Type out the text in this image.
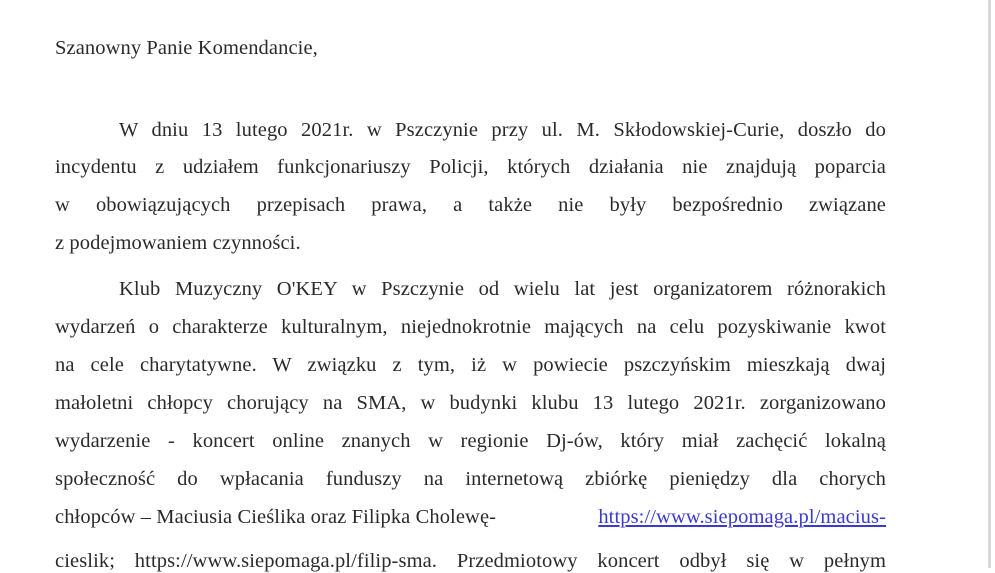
Szanowny Panie Komendancie,
W dniu 13 lutego 2021r. w Pszczynie przy ul. M. Skłodowskiej-Curie, doszło do
incydentu z udziałem funkcjonariuszy Policji, których działania nie znajdują poparcia
w obowiązujących przepisach prawa, a także nie były bezpośrednio związane
z podejmowaniem czynności.
Klub Muzyczny O'KEY w Pszczynie od wielu lat jest organizatorem różnorakich
wydarzeń o charakterze kulturalnym, niejednokrotnie mających na celu pozyskiwanie kwot
na cele charytatywne. W związku z tym, iż w powiecie pszczyńskim mieszkają dwaj
małoletni chłopcy chorujący na SMA, w budynki klubu 13 lutego 2021r. zorganizowano
wydarzenie - koncert online znanych w regionie Dj-ów, który miał zachęcić lokalną
społeczność do wpłacania funduszy na internetową zbiórkę pieniędzy dla chorych
chłopców – Maciusia Cieślika oraz Filipka Cholewę-	https://www.siepomaga.pl/macius-
cieslik; https://www.siepomaga.pl/filip-sma. Przedmiotowy koncert odbył się w pełnym
